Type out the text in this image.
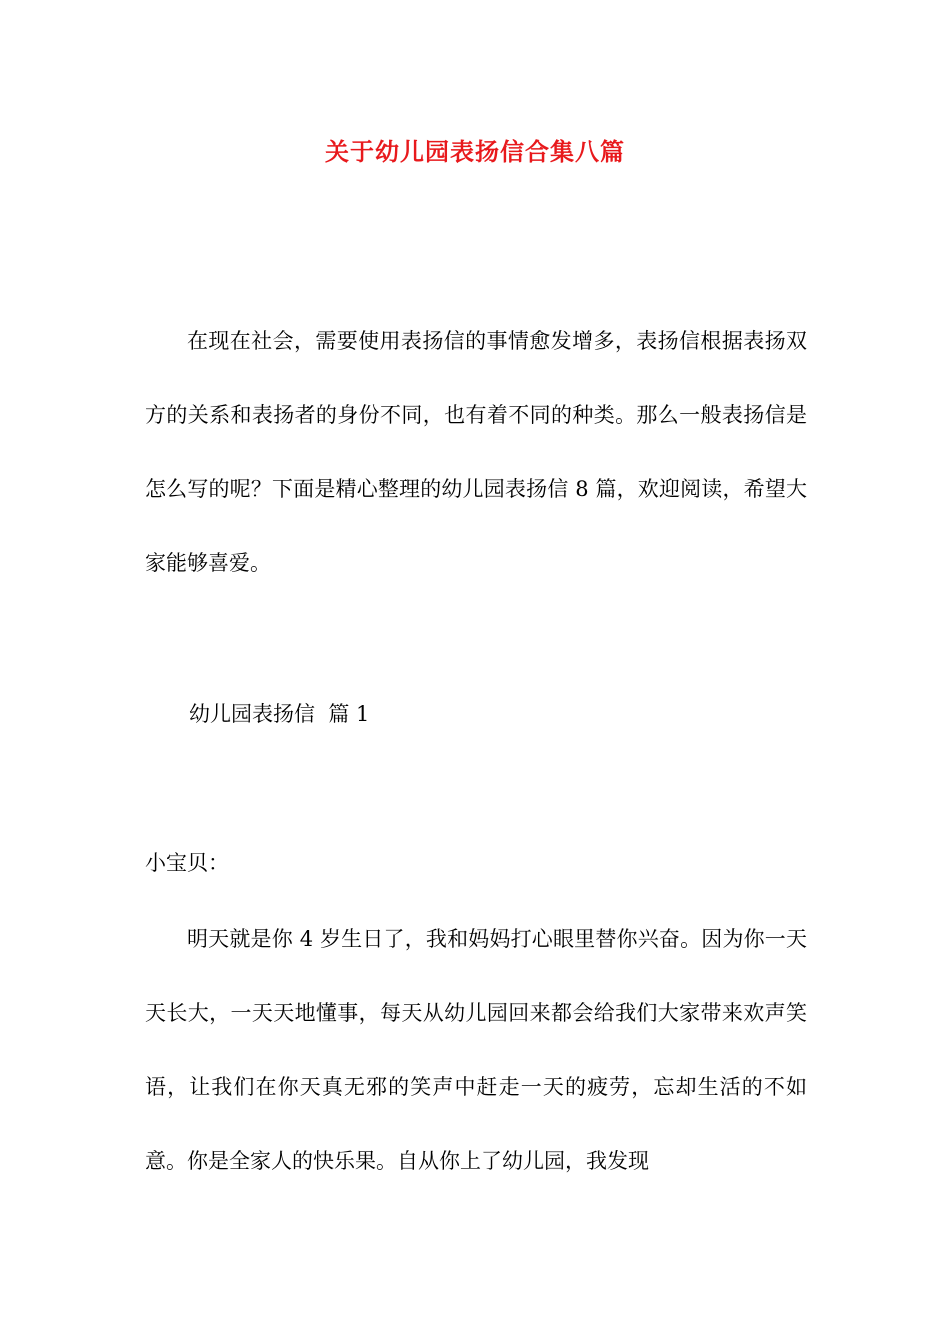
关于幼儿园表扬信合集八篇

在现在社会，需要使用表扬信的事情愈发增多，表扬信根据表扬双方的关系和表扬者的身份不同，也有着不同的种类。那么一般表扬信是怎么写的呢？下面是精心整理的幼儿园表扬信 8 篇，欢迎阅读，希望大家能够喜爱。

幼儿园表扬信  篇 1
小宝贝：

明天就是你 4 岁生日了，我和妈妈打心眼里替你兴奋。因为你一天天长大，一天天地懂事，每天从幼儿园回来都会给我们大家带来欢声笑语，让我们在你天真无邪的笑声中赶走一天的疲劳，忘却生活的不如意。你是全家人的快乐果。自从你上了幼儿园，我发现
